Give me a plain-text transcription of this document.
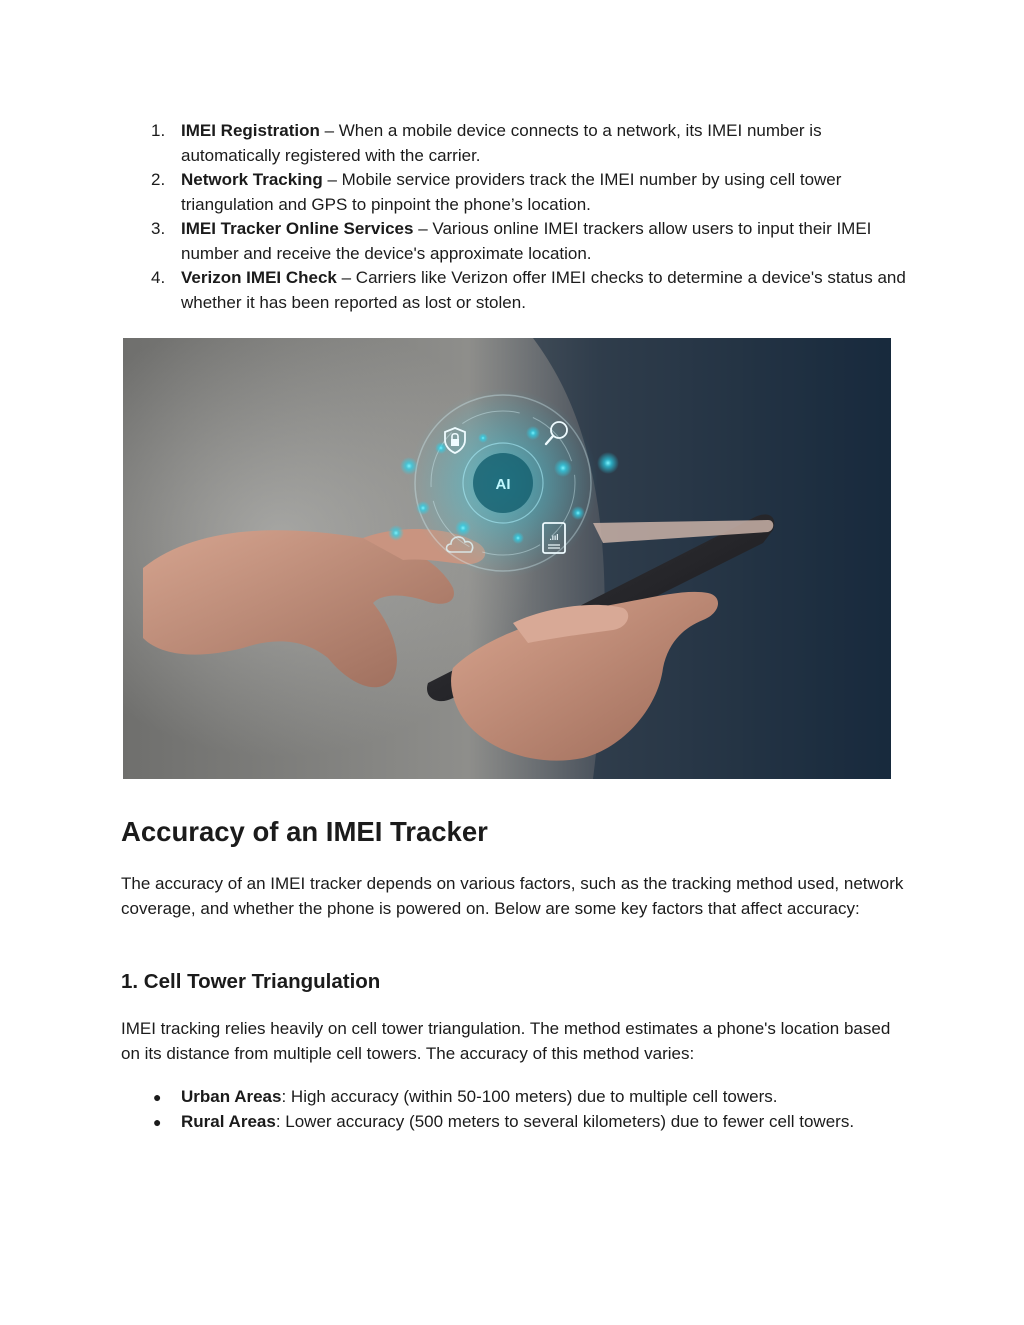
1. IMEI Registration – When a mobile device connects to a network, its IMEI number is automatically registered with the carrier.
2. Network Tracking – Mobile service providers track the IMEI number by using cell tower triangulation and GPS to pinpoint the phone’s location.
3. IMEI Tracker Online Services – Various online IMEI trackers allow users to input their IMEI number and receive the device's approximate location.
4. Verizon IMEI Check – Carriers like Verizon offer IMEI checks to determine a device's status and whether it has been reported as lost or stolen.
AI
.ııl
Accuracy of an IMEI Tracker

The accuracy of an IMEI tracker depends on various factors, such as the tracking method used, network coverage, and whether the phone is powered on. Below are some key factors that affect accuracy:

1. Cell Tower Triangulation

IMEI tracking relies heavily on cell tower triangulation. The method estimates a phone's location based on its distance from multiple cell towers. The accuracy of this method varies:

● Urban Areas: High accuracy (within 50-100 meters) due to multiple cell towers.
● Rural Areas: Lower accuracy (500 meters to several kilometers) due to fewer cell towers.
